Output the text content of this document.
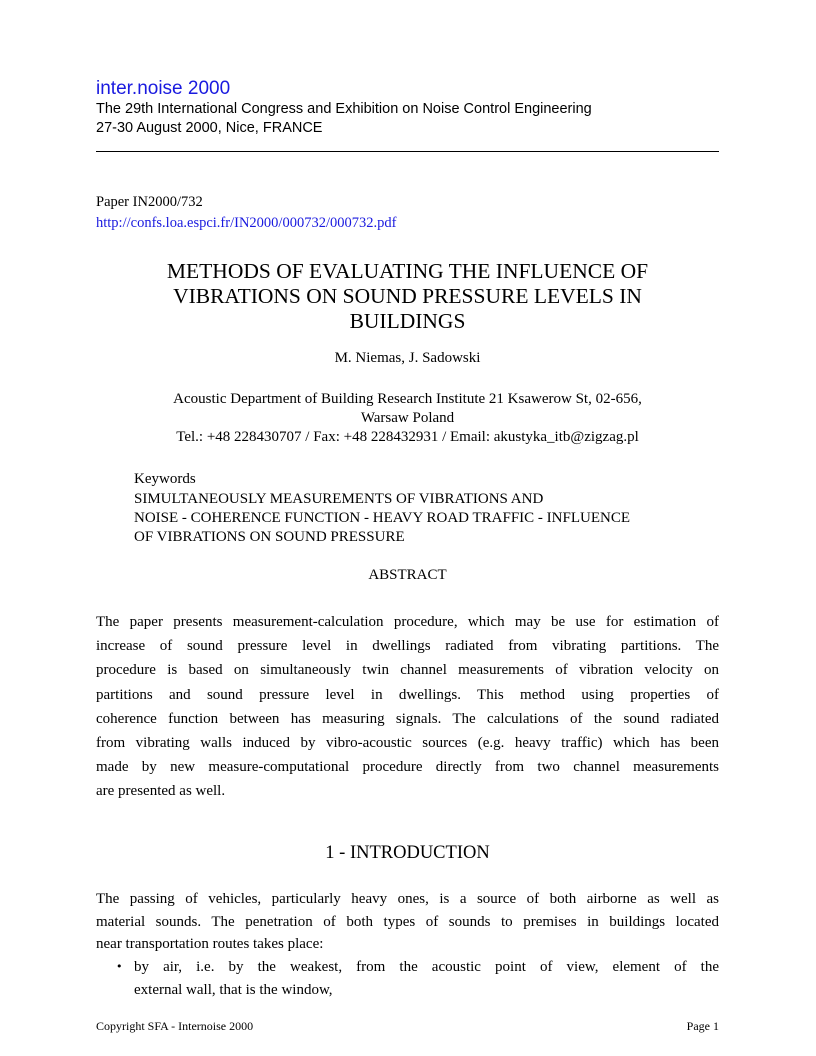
inter.noise 2000
The 29th International Congress and Exhibition on Noise Control Engineering
27-30 August 2000, Nice, FRANCE
Paper IN2000/732
http://confs.loa.espci.fr/IN2000/000732/000732.pdf
METHODS OF EVALUATING THE INFLUENCE OF
VIBRATIONS ON SOUND PRESSURE LEVELS IN
BUILDINGS
M. Niemas, J. Sadowski
Acoustic Department of Building Research Institute 21 Ksawerow St, 02-656,
Warsaw Poland
Tel.: +48 228430707 / Fax: +48 228432931 / Email: akustyka_itb@zigzag.pl
Keywords
SIMULTANEOUSLY MEASUREMENTS OF VIBRATIONS AND
NOISE - COHERENCE FUNCTION - HEAVY ROAD TRAFFIC - INFLUENCE
OF VIBRATIONS ON SOUND PRESSURE
ABSTRACT
The paper presents measurement-calculation procedure, which may be use for estimation of
increase of sound pressure level in dwellings radiated from vibrating partitions. The
procedure is based on simultaneously twin channel measurements of vibration velocity on
partitions and sound pressure level in dwellings. This method using properties of
coherence function between has measuring signals. The calculations of the sound radiated
from vibrating walls induced by vibro-acoustic sources (e.g. heavy traffic) which has been
made by new measure-computational procedure directly from two channel measurements
are presented as well.
1 - INTRODUCTION
The passing of vehicles, particularly heavy ones, is a source of both airborne as well as
material sounds. The penetration of both types of sounds to premises in buildings located
near transportation routes takes place:
• by air, i.e. by the weakest, from the acoustic point of view, element of the
external wall, that is the window,
Copyright SFA - Internoise 2000	Page 1
